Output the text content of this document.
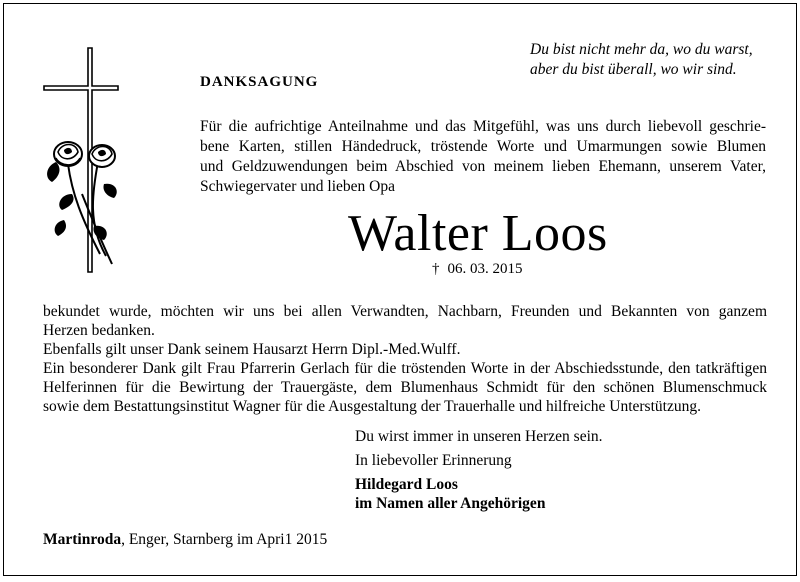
Du bist nicht mehr da, wo du warst,
aber du bist überall, wo wir sind.
DANKSAGUNG
Für die aufrichtige Anteilnahme und das Mitgefühl, was uns durch liebevoll geschrie-
bene Karten, stillen Händedruck, tröstende Worte und Umarmungen sowie Blumen
und Geldzuwendungen beim Abschied von meinem lieben Ehemann, unserem Vater,
Schwiegervater und lieben Opa
Walter Loos
† 06. 03. 2015
bekundet wurde, möchten wir uns bei allen Verwandten, Nachbarn, Freunden und Bekannten von ganzem
Herzen bedanken.
Ebenfalls gilt unser Dank seinem Hausarzt Herrn Dipl.-Med.Wulff.
Ein besonderer Dank gilt Frau Pfarrerin Gerlach für die tröstenden Worte in der Abschiedsstunde, den tatkräftigen
Helferinnen für die Bewirtung der Trauergäste, dem Blumenhaus Schmidt für den schönen Blumenschmuck
sowie dem Bestattungsinstitut Wagner für die Ausgestaltung der Trauerhalle und hilfreiche Unterstützung.
Du wirst immer in unseren Herzen sein.
In liebevoller Erinnerung
Hildegard Loos
im Namen aller Angehörigen
Martinroda, Enger, Starnberg im Apri1 2015
